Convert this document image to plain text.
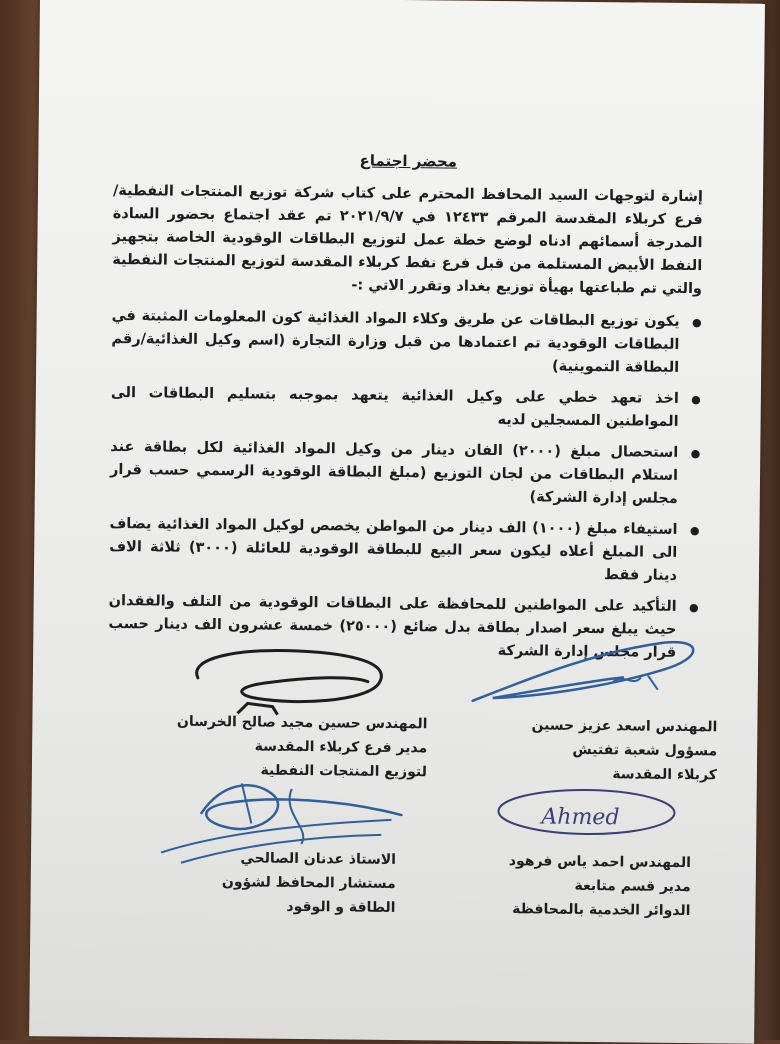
محضر اجتماع

إشارة لتوجهات السيد المحافظ المحترم على كتاب شركة توزيع المنتجات النفطية/ فرع كربلاء المقدسة المرقم ١٢٤٣٣ في ٢٠٢١/٩/٧ تم عقد اجتماع بحضور السادة المدرجة أسمائهم ادناه لوضع خطة عمل لتوزيع البطاقات الوقودية الخاصة بتجهيز النفط الأبيض المستلمة من قبل فرع نفط كربلاء المقدسة لتوزيع المنتجات النفطية والتي تم طباعتها بهيأة توزيع بغداد وتقرر الاتي :-

● يكون توزيع البطاقات عن طريق وكلاء المواد الغذائية كون المعلومات المثبتة في البطاقات الوقودية تم اعتمادها من قبل وزارة التجارة (اسم وكيل الغذائية/رقم البطاقة التموينية)
● اخذ تعهد خطي على وكيل الغذائية يتعهد بموجبه بتسليم البطاقات الى المواطنين المسجلين لديه
● استحصال مبلغ (٢٠٠٠) الفان دينار من وكيل المواد الغذائية لكل بطاقة عند استلام البطاقات من لجان التوزيع (مبلغ البطاقة الوقودية الرسمي حسب قرار مجلس إدارة الشركة)
● استيفاء مبلغ (١٠٠٠) الف دينار من المواطن يخصص لوكيل المواد الغذائية يضاف الى المبلغ أعلاه ليكون سعر البيع للبطاقة الوقودية للعائلة (٣٠٠٠) ثلاثة الاف دينار فقط
● التأكيد على المواطنين للمحافظة على البطاقات الوقودية من التلف والفقدان حيث يبلغ سعر اصدار بطاقة بدل ضائع (٢٥٠٠٠) خمسة عشرون الف دينار حسب قرار مجلس إدارة الشركة
Ahmed
المهندس حسين مجيد صالح الخرسان
مدير فرع كربلاء المقدسة
لتوزيع المنتجات النفطية
المهندس اسعد عزيز حسين
مسؤول شعبة تفتيش
كربلاء المقدسة
الاستاذ عدنان الصالحي
مستشار المحافظ لشؤون
الطاقة و الوقود
المهندس احمد ياس فرهود
مدير قسم متابعة
الدوائر الخدمية بالمحافظة
